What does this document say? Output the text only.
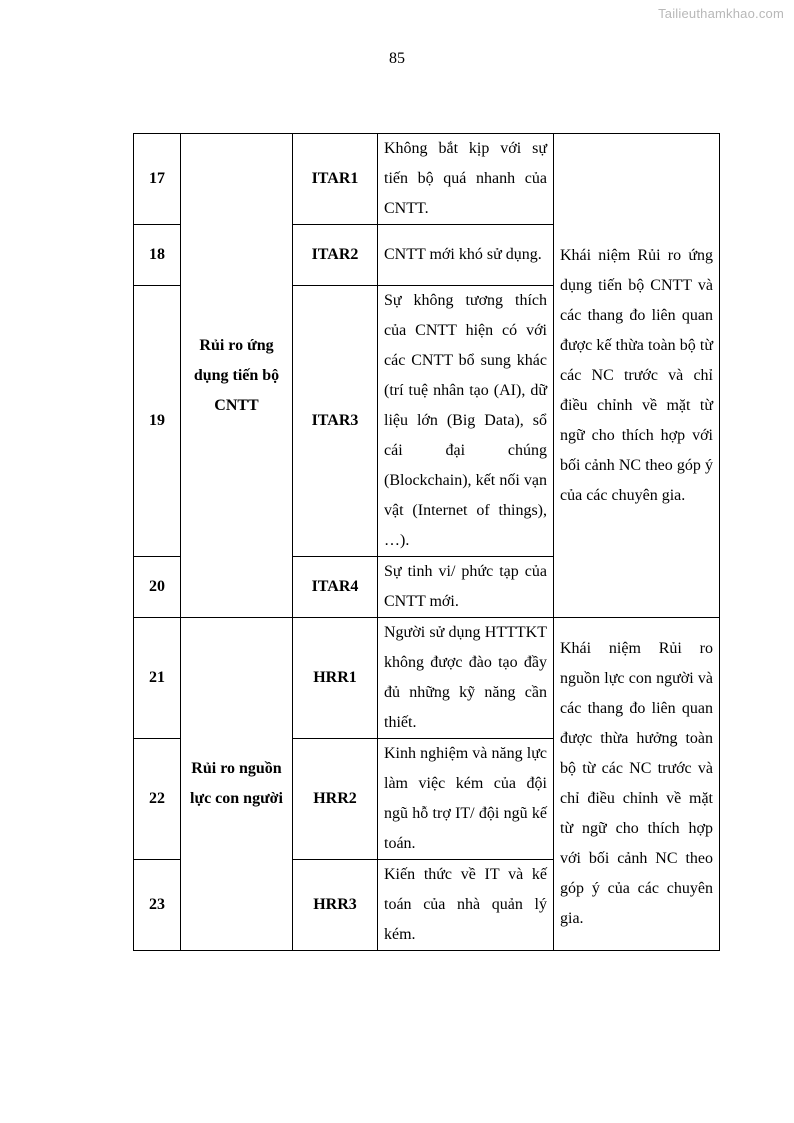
Tailieuthamkhao.com
85
17	Rủi ro ứng dụng tiến bộ CNTT	ITAR1	Không bắt kịp với sự tiến bộ quá nhanh của CNTT.	Khái niệm Rủi ro ứng dụng tiến bộ CNTT và các thang đo liên quan được kế thừa toàn bộ từ các NC trước và chỉ điều chỉnh về mặt từ ngữ cho thích hợp với bối cảnh NC theo góp ý của các chuyên gia.
18		ITAR2	CNTT mới khó sử dụng.	
19		ITAR3	Sự không tương thích của CNTT hiện có với các CNTT bổ sung khác (trí tuệ nhân tạo (AI), dữ liệu lớn (Big Data), sổ cái đại chúng (Blockchain), kết nối vạn vật (Internet of things), …).	
20		ITAR4	Sự tinh vi/ phức tạp của CNTT mới.	
21	Rủi ro nguồn lực con người	HRR1	Người sử dụng HTTTKT không được đào tạo đầy đủ những kỹ năng cần thiết.	Khái niệm Rủi ro nguồn lực con người và các thang đo liên quan được thừa hưởng toàn bộ từ các NC trước và chỉ điều chỉnh về mặt từ ngữ cho thích hợp với bối cảnh NC theo góp ý của các chuyên gia.
22		HRR2	Kinh nghiệm và năng lực làm việc kém của đội ngũ hỗ trợ IT/ đội ngũ kế toán.	
23		HRR3	Kiến thức về IT và kế toán của nhà quản lý kém.	
